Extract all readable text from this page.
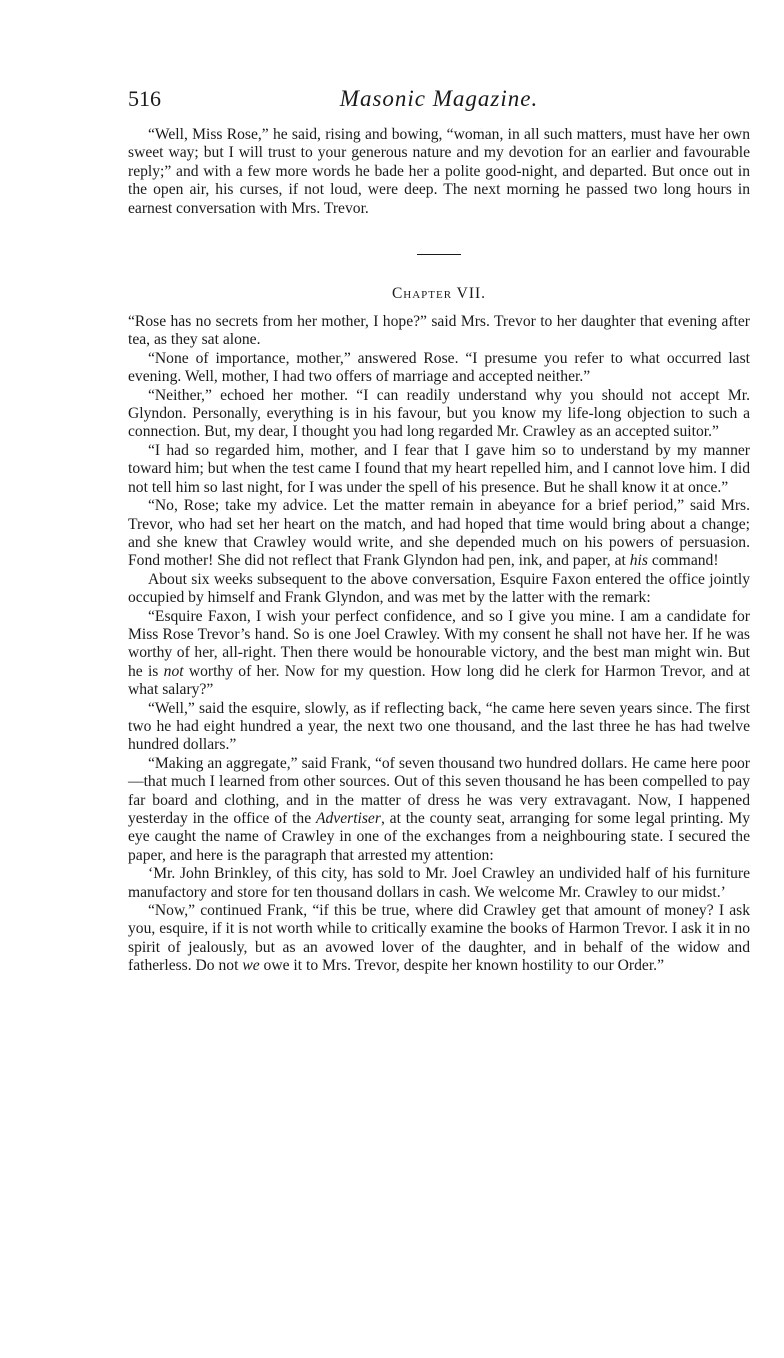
516	Masonic Magazine.

“Well, Miss Rose,” he said, rising and bowing, “woman, in all such matters, must have her own sweet way; but I will trust to your generous nature and my devotion for an earlier and favourable reply;” and with a few more words he bade her a polite good-night, and departed. But once out in the open air, his curses, if not loud, were deep. The next morning he passed two long hours in earnest conversation with Mrs. Trevor.

Chapter VII.

“Rose has no secrets from her mother, I hope?” said Mrs. Trevor to her daughter that evening after tea, as they sat alone.

“None of importance, mother,” answered Rose. “I presume you refer to what occurred last evening. Well, mother, I had two offers of marriage and accepted neither.”

“Neither,” echoed her mother. “I can readily understand why you should not accept Mr. Glyndon. Personally, everything is in his favour, but you know my life-long objection to such a connection. But, my dear, I thought you had long regarded Mr. Crawley as an accepted suitor.”

“I had so regarded him, mother, and I fear that I gave him so to understand by my manner toward him; but when the test came I found that my heart repelled him, and I cannot love him. I did not tell him so last night, for I was under the spell of his presence. But he shall know it at once.”

“No, Rose; take my advice. Let the matter remain in abeyance for a brief period,” said Mrs. Trevor, who had set her heart on the match, and had hoped that time would bring about a change; and she knew that Crawley would write, and she depended much on his powers of persuasion. Fond mother! She did not reflect that Frank Glyndon had pen, ink, and paper, at his command!

About six weeks subsequent to the above conversation, Esquire Faxon entered the office jointly occupied by himself and Frank Glyndon, and was met by the latter with the remark:

“Esquire Faxon, I wish your perfect confidence, and so I give you mine. I am a candidate for Miss Rose Trevor’s hand. So is one Joel Crawley. With my consent he shall not have her. If he was worthy of her, all-right. Then there would be honourable victory, and the best man might win. But he is not worthy of her. Now for my question. How long did he clerk for Harmon Trevor, and at what salary?”

“Well,” said the esquire, slowly, as if reflecting back, “he came here seven years since. The first two he had eight hundred a year, the next two one thousand, and the last three he has had twelve hundred dollars.”

“Making an aggregate,” said Frank, “of seven thousand two hundred dollars. He came here poor—that much I learned from other sources. Out of this seven thousand he has been compelled to pay far board and clothing, and in the matter of dress he was very extravagant. Now, I happened yesterday in the office of the Advertiser, at the county seat, arranging for some legal printing. My eye caught the name of Crawley in one of the exchanges from a neighbouring state. I secured the paper, and here is the paragraph that arrested my attention:

‘Mr. John Brinkley, of this city, has sold to Mr. Joel Crawley an undivided half of his furniture manufactory and store for ten thousand dollars in cash. We welcome Mr. Crawley to our midst.’

“Now,” continued Frank, “if this be true, where did Crawley get that amount of money? I ask you, esquire, if it is not worth while to critically examine the books of Harmon Trevor. I ask it in no spirit of jealously, but as an avowed lover of the daughter, and in behalf of the widow and fatherless. Do not we owe it to Mrs. Trevor, despite her known hostility to our Order.”
